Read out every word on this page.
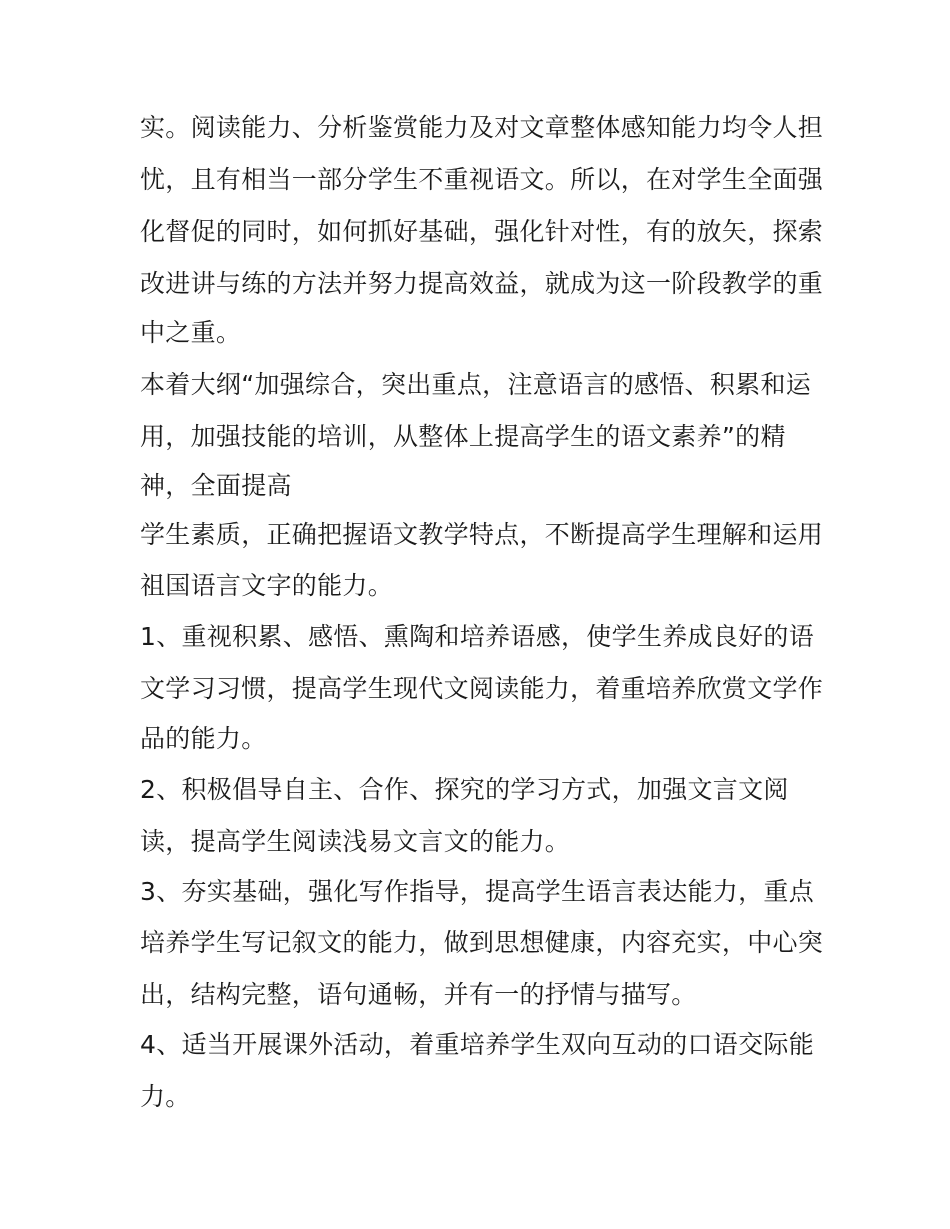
实。阅读能力、分析鉴赏能力及对文章整体感知能力均令人担
忧，且有相当一部分学生不重视语文。所以，在对学生全面强
化督促的同时，如何抓好基础，强化针对性，有的放矢，探索
改进讲与练的方法并努力提高效益，就成为这一阶段教学的重
中之重。
本着大纲“加强综合，突出重点，注意语言的感悟、积累和运
用，加强技能的培训，从整体上提高学生的语文素养”的精
神，全面提高
学生素质，正确把握语文教学特点，不断提高学生理解和运用
祖国语言文字的能力。
1、重视积累、感悟、熏陶和培养语感，使学生养成良好的语
文学习习惯，提高学生现代文阅读能力，着重培养欣赏文学作
品的能力。
2、积极倡导自主、合作、探究的学习方式，加强文言文阅
读，提高学生阅读浅易文言文的能力。
3、夯实基础，强化写作指导，提高学生语言表达能力，重点
培养学生写记叙文的能力，做到思想健康，内容充实，中心突
出，结构完整，语句通畅，并有一的抒情与描写。
4、适当开展课外活动，着重培养学生双向互动的口语交际能
力。
